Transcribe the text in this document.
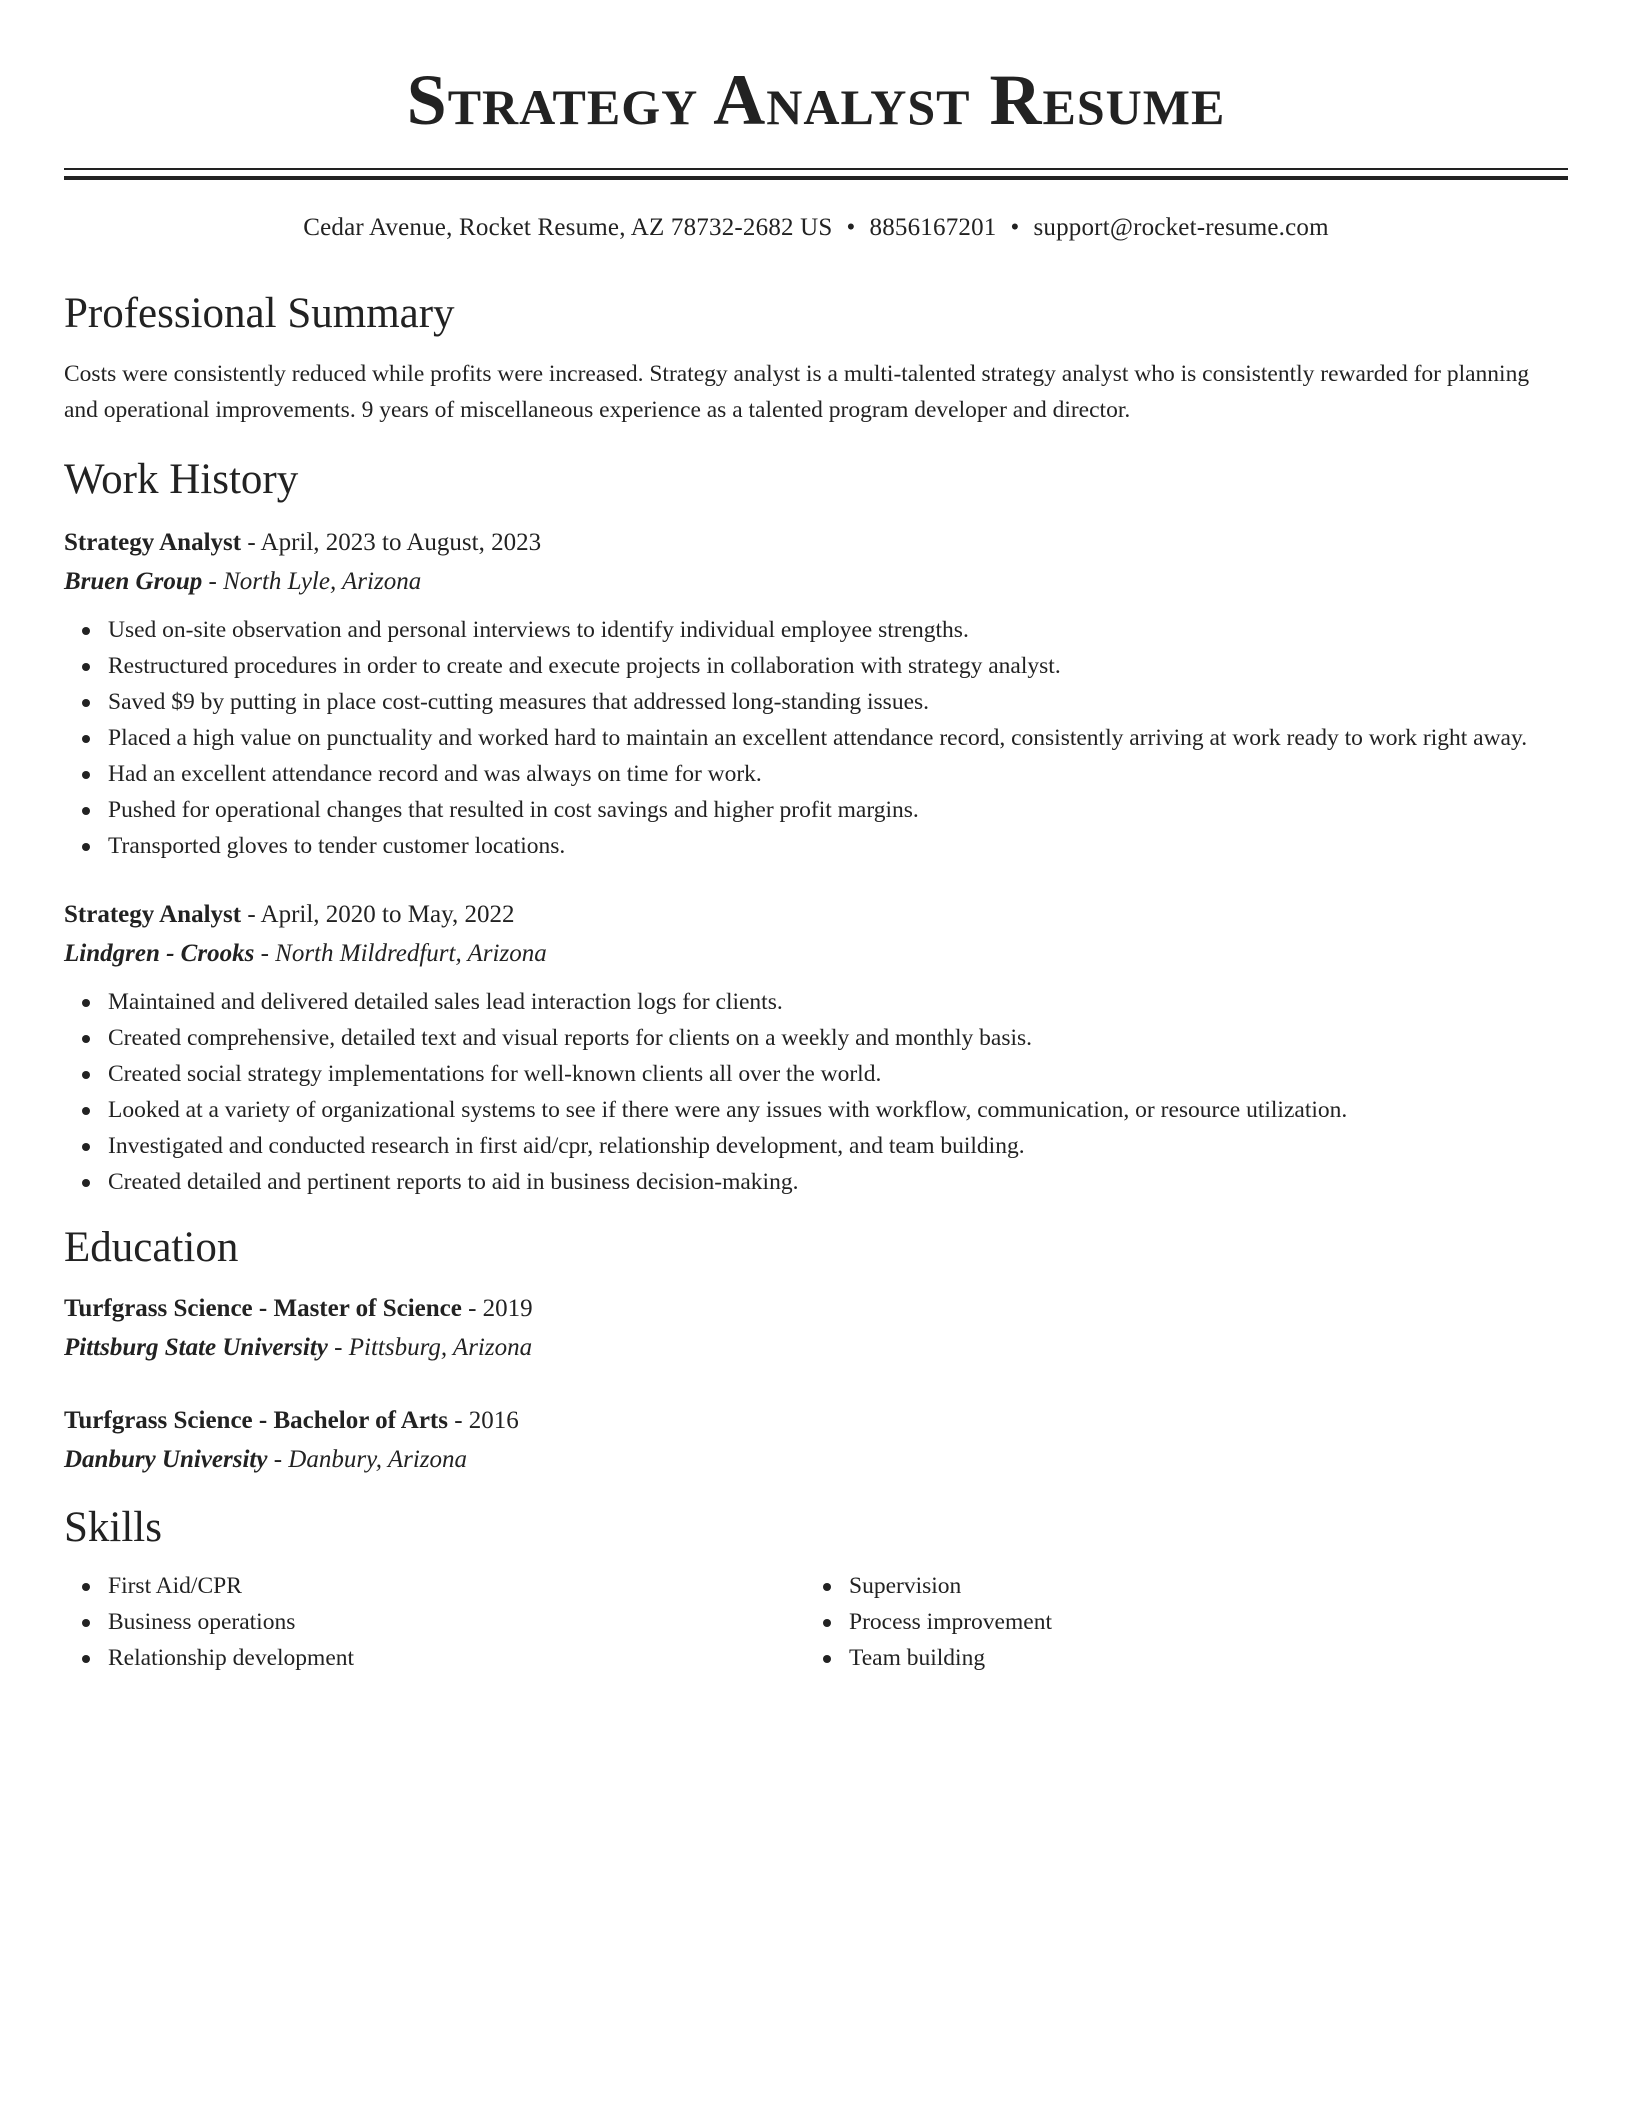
Strategy Analyst Resume
Cedar Avenue, Rocket Resume, AZ 78732-2682 US • 8856167201 • support@rocket-resume.com
Professional Summary

Costs were consistently reduced while profits were increased. Strategy analyst is a multi-talented strategy analyst who is consistently rewarded for planning and operational improvements. 9 years of miscellaneous experience as a talented program developer and director.

Work History
Strategy Analyst - April, 2023 to August, 2023
Bruen Group - North Lyle, Arizona
Used on-site observation and personal interviews to identify individual employee strengths.
Restructured procedures in order to create and execute projects in collaboration with strategy analyst.
Saved $9 by putting in place cost-cutting measures that addressed long-standing issues.
Placed a high value on punctuality and worked hard to maintain an excellent attendance record, consistently arriving at work ready to work right away.
Had an excellent attendance record and was always on time for work.
Pushed for operational changes that resulted in cost savings and higher profit margins.
Transported gloves to tender customer locations.
Strategy Analyst - April, 2020 to May, 2022
Lindgren - Crooks - North Mildredfurt, Arizona
Maintained and delivered detailed sales lead interaction logs for clients.
Created comprehensive, detailed text and visual reports for clients on a weekly and monthly basis.
Created social strategy implementations for well-known clients all over the world.
Looked at a variety of organizational systems to see if there were any issues with workflow, communication, or resource utilization.
Investigated and conducted research in first aid/cpr, relationship development, and team building.
Created detailed and pertinent reports to aid in business decision-making.
Education
Turfgrass Science - Master of Science - 2019
Pittsburg State University - Pittsburg, Arizona
Turfgrass Science - Bachelor of Arts - 2016
Danbury University - Danbury, Arizona
Skills
First Aid/CPR
Business operations
Relationship development
Supervision
Process improvement
Team building
